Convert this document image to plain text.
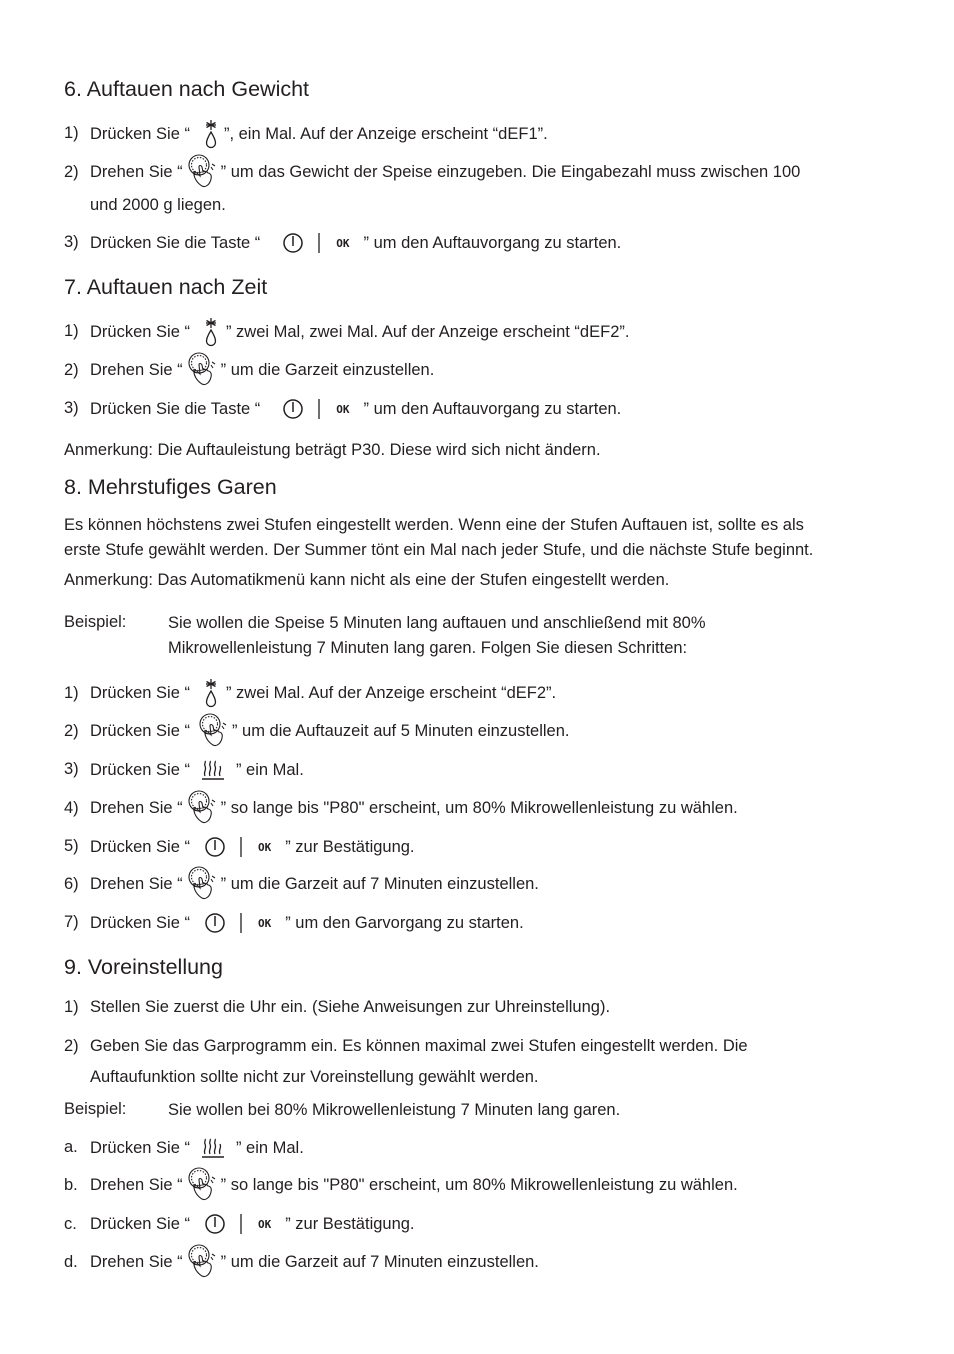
6. Auftauen nach Gewicht
1) Drücken Sie “ ”, ein Mal. Auf der Anzeige erscheint “dEF1”.
2) Drehen Sie “ ” um das Gewicht der Speise einzugeben. Die Eingabezahl muss zwischen 100
und 2000 g liegen.
3) Drücken Sie die Taste “	OK ” um den Auftauvorgang zu starten.
7. Auftauen nach Zeit
1) Drücken Sie “ ” zwei Mal, zwei Mal. Auf der Anzeige erscheint “dEF2”.
2) Drehen Sie “ ” um die Garzeit einzustellen.
3) Drücken Sie die Taste “	OK ” um den Auftauvorgang zu starten.
Anmerkung: Die Auftauleistung beträgt P30. Diese wird sich nicht ändern.
8. Mehrstufiges Garen
Es können höchstens zwei Stufen eingestellt werden. Wenn eine der Stufen Auftauen ist, sollte es als
erste Stufe gewählt werden. Der Summer tönt ein Mal nach jeder Stufe, und die nächste Stufe beginnt.
Anmerkung: Das Automatikmenü kann nicht als eine der Stufen eingestellt werden.
Beispiel:	Sie wollen die Speise 5 Minuten lang auftauen und anschließend mit 80%
Mikrowellenleistung 7 Minuten lang garen. Folgen Sie diesen Schritten:
1) Drücken Sie “ ” zwei Mal. Auf der Anzeige erscheint “dEF2”.
2) Drücken Sie “	” um die Auftauzeit auf 5 Minuten einzustellen.
3) Drücken Sie “	” ein Mal.
4) Drehen Sie “ ” so lange bis "P80" erscheint, um 80% Mikrowellenleistung zu wählen.
5) Drücken Sie “	OK ” zur Bestätigung.
6) Drehen Sie “ ” um die Garzeit auf 7 Minuten einzustellen.
7) Drücken Sie “	OK ” um den Garvorgang zu starten.
9. Voreinstellung
1) Stellen Sie zuerst die Uhr ein. (Siehe Anweisungen zur Uhreinstellung).
2) Geben Sie das Garprogramm ein. Es können maximal zwei Stufen eingestellt werden. Die
Auftaufunktion sollte nicht zur Voreinstellung gewählt werden.
Beispiel:	Sie wollen bei 80% Mikrowellenleistung 7 Minuten lang garen.
a. Drücken Sie “	” ein Mal.
b. Drehen Sie “ ” so lange bis "P80" erscheint, um 80% Mikrowellenleistung zu wählen.
c. Drücken Sie “	OK ” zur Bestätigung.
d. Drehen Sie “ ” um die Garzeit auf 7 Minuten einzustellen.
